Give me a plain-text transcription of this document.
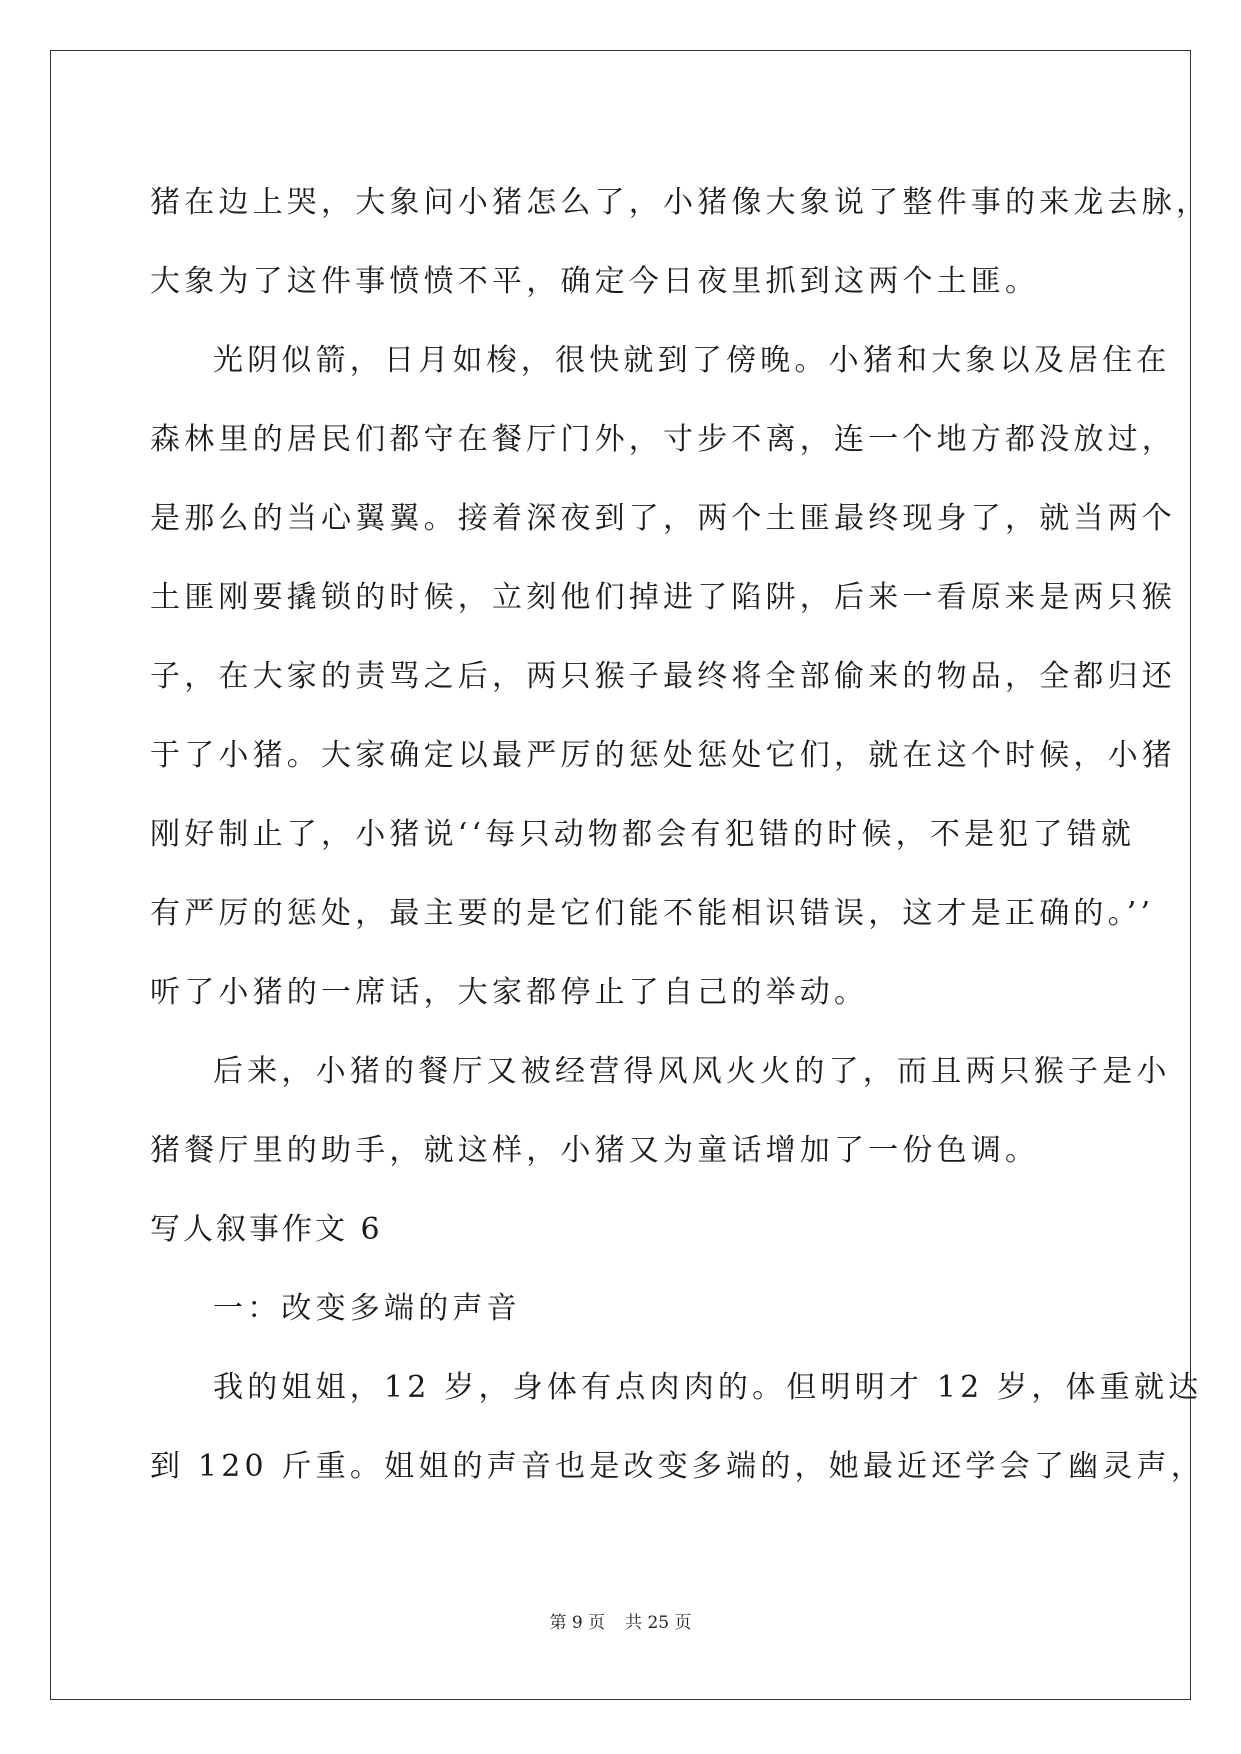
猪在边上哭，大象问小猪怎么了，小猪像大象说了整件事的来龙去脉，
大象为了这件事愤愤不平，确定今日夜里抓到这两个土匪。
光阴似箭，日月如梭，很快就到了傍晚。小猪和大象以及居住在
森林里的居民们都守在餐厅门外，寸步不离，连一个地方都没放过，
是那么的当心翼翼。接着深夜到了，两个土匪最终现身了，就当两个
土匪刚要撬锁的时候，立刻他们掉进了陷阱，后来一看原来是两只猴
子，在大家的责骂之后，两只猴子最终将全部偷来的物品，全都归还
于了小猪。大家确定以最严厉的惩处惩处它们，就在这个时候，小猪
刚好制止了，小猪说‘‘每只动物都会有犯错的时候，不是犯了错就
有严厉的惩处，最主要的是它们能不能相识错误，这才是正确的。’’
听了小猪的一席话，大家都停止了自己的举动。
后来，小猪的餐厅又被经营得风风火火的了，而且两只猴子是小
猪餐厅里的助手，就这样，小猪又为童话增加了一份色调。
写人叙事作文 6
一：改变多端的声音
我的姐姐，12 岁，身体有点肉肉的。但明明才 12 岁，体重就达
到 120 斤重。姐姐的声音也是改变多端的，她最近还学会了幽灵声，
第 9 页 共 25 页
